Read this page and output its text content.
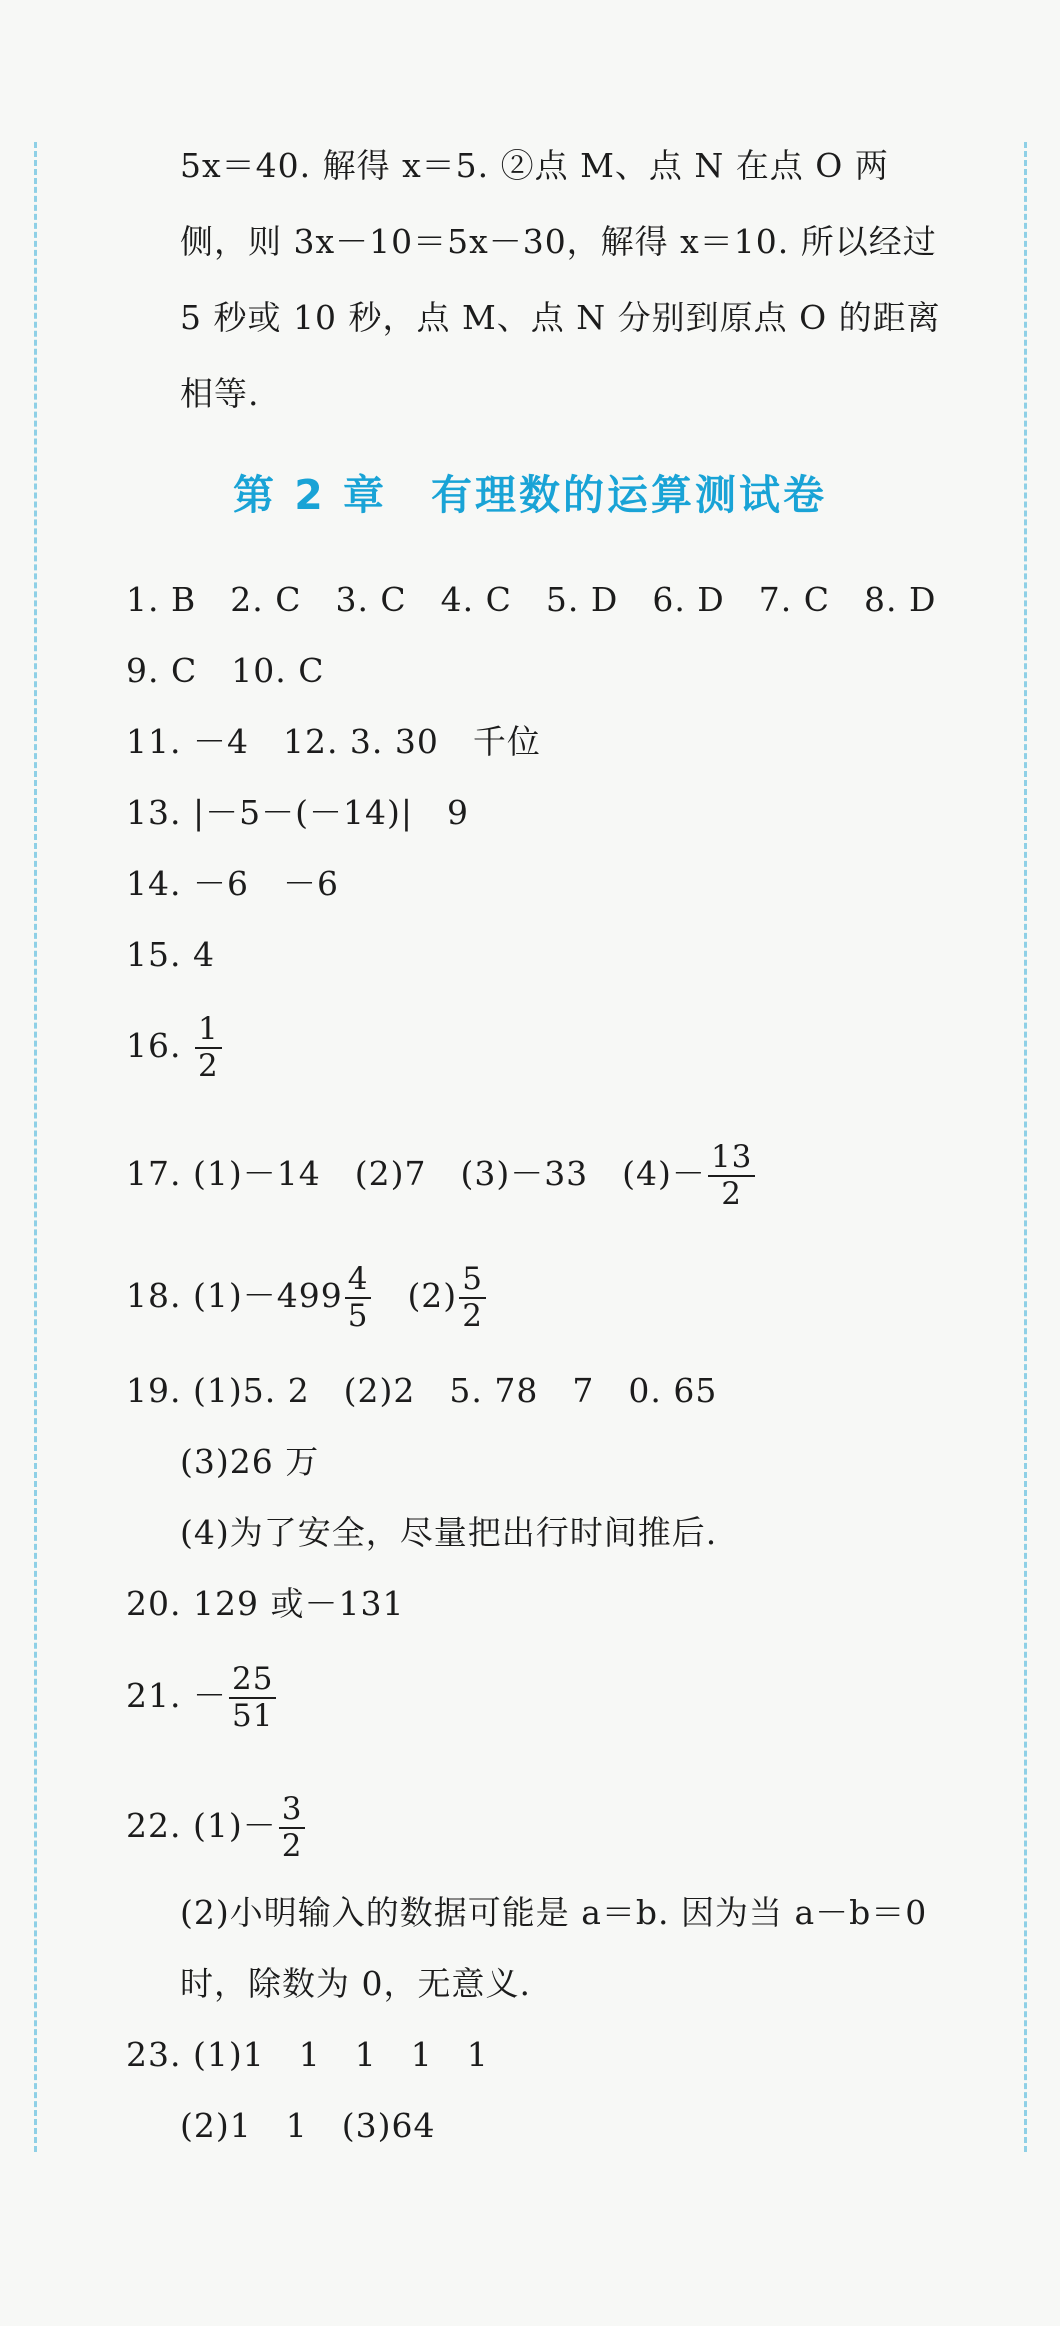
5x＝40. 解得 x＝5. ②点 M、点 N 在点 O 两
侧，则 3x－10＝5x－30，解得 x＝10. 所以经过
5 秒或 10 秒，点 M、点 N 分别到原点 O 的距离
相等.
第 2 章　有理数的运算测试卷
1. B　2. C　3. C　4. C　5. D　6. D　7. C　8. D
9. C　10. C
11. －4　12. 3. 30　千位
13. |－5－(－14)|　9
14. －6　－6
15. 4
16. $\frac{1}{2}$
17. (1)－14　(2)7　(3)－33　$(4)- \frac{13}{2}$
18. $(1)-499 \frac{4}{5} (2) \frac{5}{2}$
19. (1)5. 2　(2)2　5. 78　7　0. 65
(3)26 万
(4)为了安全，尽量把出行时间推后.
20. 129 或－131
21. － $\frac{25}{51}$
22. $(1)- \frac{3}{2}$
(2)小明输入的数据可能是 a＝b. 因为当 a－b＝0
时，除数为 0，无意义.
23. (1)1　1　1　1　1
(2)1　1　(3)64
